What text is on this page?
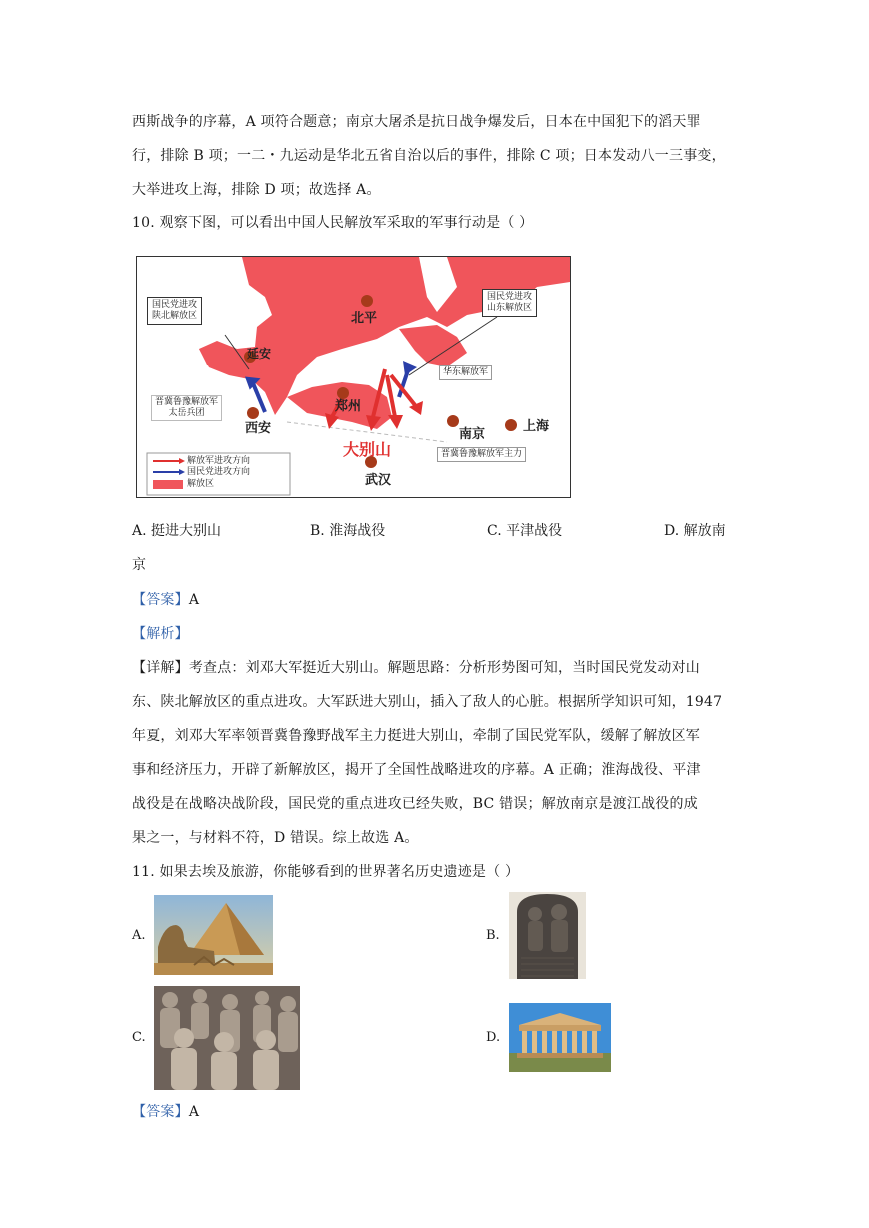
西斯战争的序幕，A 项符合题意；南京大屠杀是抗日战争爆发后，日本在中国犯下的滔天罪
行，排除 B 项；一二・九运动是华北五省自治以后的事件，排除 C 项；日本发动八一三事变，
大举进攻上海，排除 D 项；故选择 A。
10. 观察下图，可以看出中国人民解放军采取的军事行动是（ ）
国民党进攻
陕北解放区
国民党进攻
山东解放区
北平
延安
郑州
西安	南京
上海
武汉
大别山
华东解放军
晋冀鲁豫解放军
太岳兵团
晋冀鲁豫解放军主力
解放军进攻方向
国民党进攻方向
解放区
A. 挺进大别山	B. 淮海战役	C. 平津战役	D. 解放南
京
【答案】A
【解析】
【详解】考查点：刘邓大军挺近大别山。解题思路：分析形势图可知，当时国民党发动对山
东、陕北解放区的重点进攻。大军跃进大别山，插入了敌人的心脏。根据所学知识可知，1947
年夏，刘邓大军率领晋冀鲁豫野战军主力挺进大别山，牵制了国民党军队，缓解了解放区军
事和经济压力，开辟了新解放区，揭开了全国性战略进攻的序幕。A 正确；淮海战役、平津
战役是在战略决战阶段，国民党的重点进攻已经失败，BC 错误；解放南京是渡江战役的成
果之一，与材料不符，D 错误。综上故选 A。
11. 如果去埃及旅游，你能够看到的世界著名历史遗迹是（ ）
A.	B.
C.	D.
【答案】A
